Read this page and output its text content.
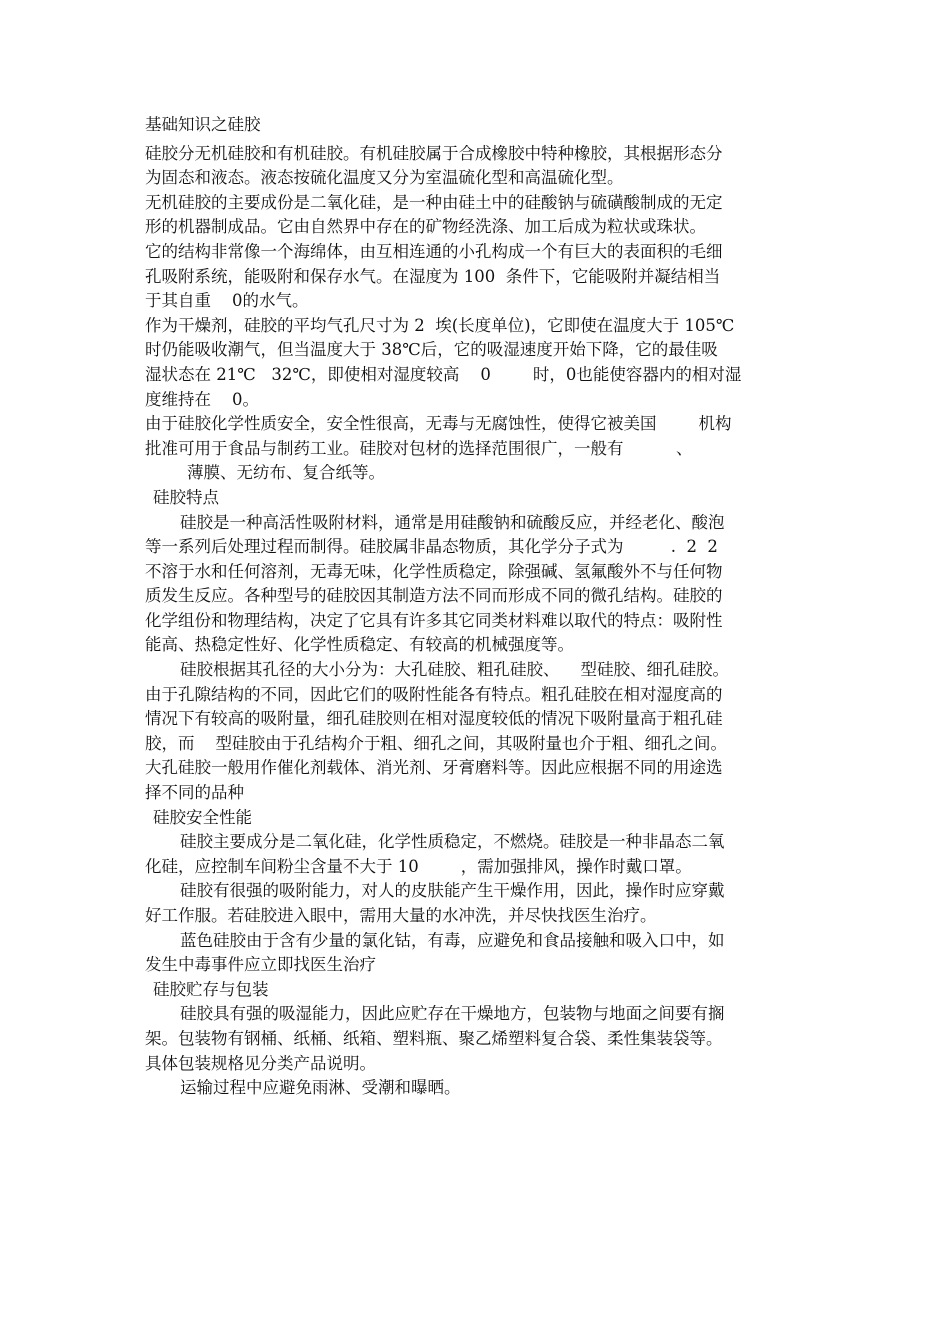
基础知识之硅胶
硅胶分无机硅胶和有机硅胶。有机硅胶属于合成橡胶中特种橡胶，其根据形态分
为固态和液态。液态按硫化温度又分为室温硫化型和高温硫化型。
无机硅胶的主要成份是二氧化硅，是一种由硅土中的硅酸钠与硫磺酸制成的无定
形的机器制成品。它由自然界中存在的矿物经洗涤、加工后成为粒状或珠状。
它的结构非常像一个海绵体，由互相连通的小孔构成一个有巨大的表面积的毛细
孔吸附系统，能吸附和保存水气。在湿度为 100  条件下，它能吸附并凝结相当
于其自重    0的水气。
作为干燥剂，硅胶的平均气孔尺寸为 2  埃(长度单位)，它即使在温度大于 105℃
时仍能吸收潮气，但当温度大于 38℃后，它的吸湿速度开始下降，它的最佳吸
湿状态在 21℃   32℃，即使相对湿度较高    0        时，0也能使容器内的相对湿
度维持在    0。
由于硅胶化学性质安全，安全性很高，无毒与无腐蚀性，使得它被美国        机构
批准可用于食品与制药工业。硅胶对包材的选择范围很广，一般有          、
薄膜、无纺布、复合纸等。
硅胶特点
硅胶是一种高活性吸附材料，通常是用硅酸钠和硫酸反应，并经老化、酸泡
等一系列后处理过程而制得。硅胶属非晶态物质，其化学分子式为         .  2  2
不溶于水和任何溶剂，无毒无味，化学性质稳定，除强碱、氢氟酸外不与任何物
质发生反应。各种型号的硅胶因其制造方法不同而形成不同的微孔结构。硅胶的
化学组份和物理结构，决定了它具有许多其它同类材料难以取代的特点：吸附性
能高、热稳定性好、化学性质稳定、有较高的机械强度等。
硅胶根据其孔径的大小分为：大孔硅胶、粗孔硅胶、    型硅胶、细孔硅胶。
由于孔隙结构的不同，因此它们的吸附性能各有特点。粗孔硅胶在相对湿度高的
情况下有较高的吸附量，细孔硅胶则在相对湿度较低的情况下吸附量高于粗孔硅
胶，而    型硅胶由于孔结构介于粗、细孔之间，其吸附量也介于粗、细孔之间。
大孔硅胶一般用作催化剂载体、消光剂、牙膏磨料等。因此应根据不同的用途选
择不同的品种
硅胶安全性能
硅胶主要成分是二氧化硅，化学性质稳定，不燃烧。硅胶是一种非晶态二氧
化硅，应控制车间粉尘含量不大于 10        ，需加强排风，操作时戴口罩。
硅胶有很强的吸附能力，对人的皮肤能产生干燥作用，因此，操作时应穿戴
好工作服。若硅胶进入眼中，需用大量的水冲洗，并尽快找医生治疗。
蓝色硅胶由于含有少量的氯化钴，有毒，应避免和食品接触和吸入口中，如
发生中毒事件应立即找医生治疗
硅胶贮存与包装
硅胶具有强的吸湿能力，因此应贮存在干燥地方，包装物与地面之间要有搁
架。包装物有钢桶、纸桶、纸箱、塑料瓶、聚乙烯塑料复合袋、柔性集装袋等。
具体包装规格见分类产品说明。
运输过程中应避免雨淋、受潮和曝晒。
